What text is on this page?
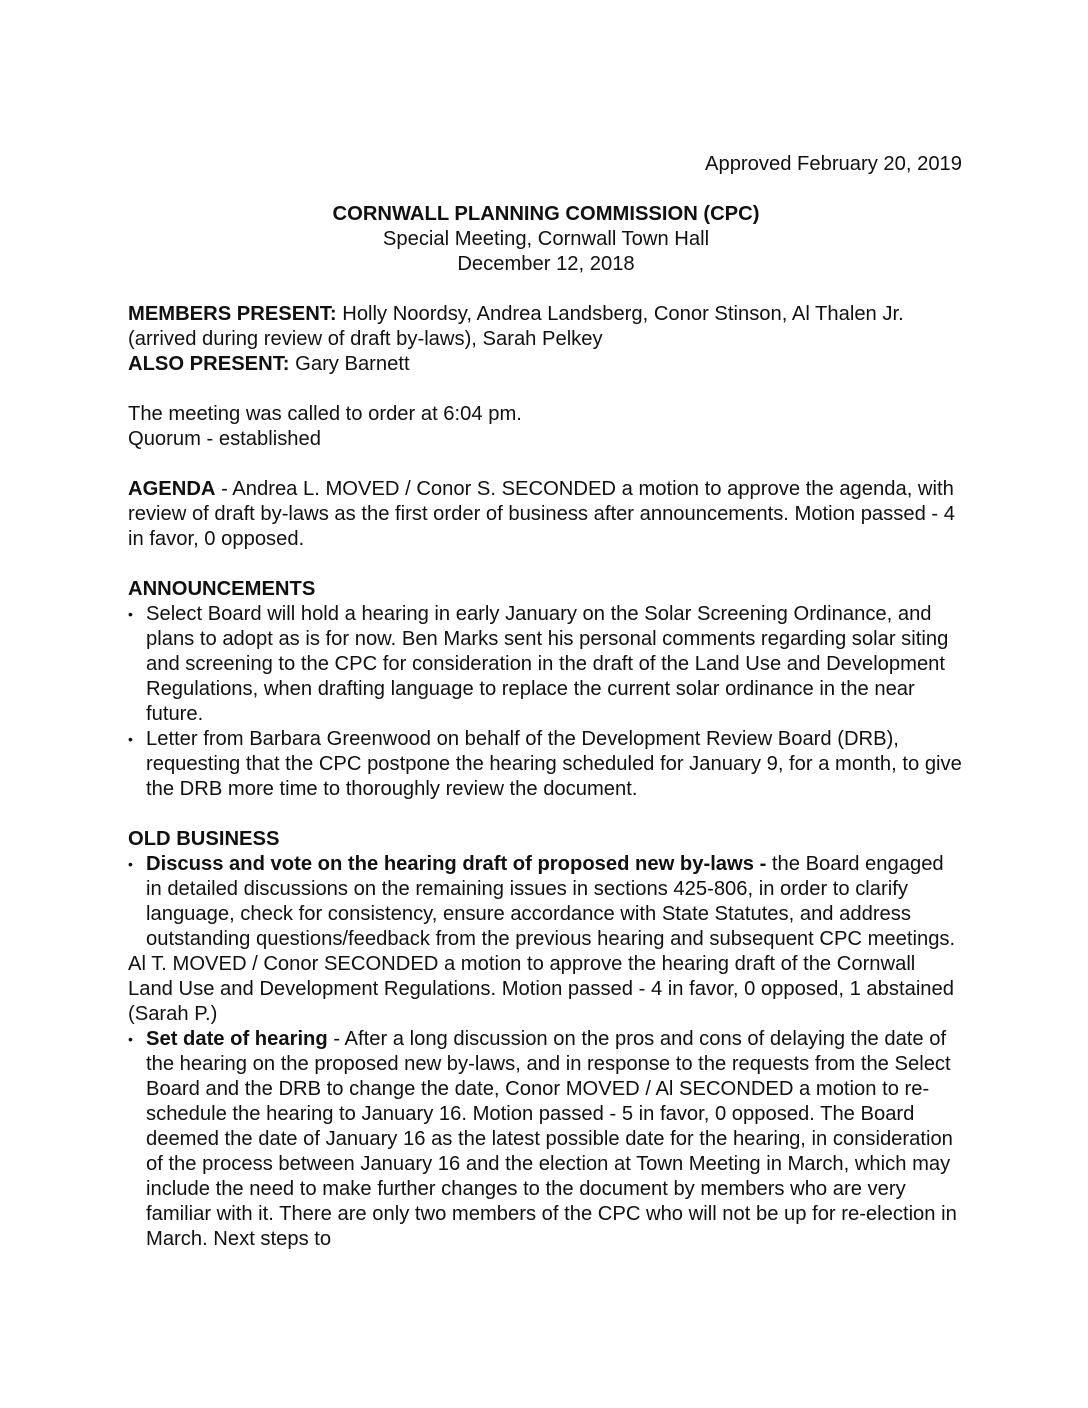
Approved February 20, 2019

CORNWALL PLANNING COMMISSION (CPC)
Special Meeting, Cornwall Town Hall
December 12, 2018

MEMBERS PRESENT: Holly Noordsy, Andrea Landsberg, Conor Stinson, Al Thalen Jr. (arrived during review of draft by-laws), Sarah Pelkey

ALSO PRESENT: Gary Barnett

The meeting was called to order at 6:04 pm.

Quorum - established

AGENDA - Andrea L. MOVED / Conor S. SECONDED a motion to approve the agenda, with review of draft by-laws as the first order of business after announcements. Motion passed - 4 in favor, 0 opposed.

ANNOUNCEMENTS

• Select Board will hold a hearing in early January on the Solar Screening Ordinance, and plans to adopt as is for now. Ben Marks sent his personal comments regarding solar siting and screening to the CPC for consideration in the draft of the Land Use and Development Regulations, when drafting language to replace the current solar ordinance in the near future.
• Letter from Barbara Greenwood on behalf of the Development Review Board (DRB), requesting that the CPC postpone the hearing scheduled for January 9, for a month, to give the DRB more time to thoroughly review the document.

OLD BUSINESS

• Discuss and vote on the hearing draft of proposed new by-laws - the Board engaged in detailed discussions on the remaining issues in sections 425-806, in order to clarify language, check for consistency, ensure accordance with State Statutes, and address outstanding questions/feedback from the previous hearing and subsequent CPC meetings.

Al T. MOVED / Conor SECONDED a motion to approve the hearing draft of the Cornwall Land Use and Development Regulations. Motion passed - 4 in favor, 0 opposed, 1 abstained (Sarah P.)

• Set date of hearing - After a long discussion on the pros and cons of delaying the date of the hearing on the proposed new by-laws, and in response to the requests from the Select Board and the DRB to change the date, Conor MOVED / Al SECONDED a motion to re-schedule the hearing to January 16. Motion passed - 5 in favor, 0 opposed. The Board deemed the date of January 16 as the latest possible date for the hearing, in consideration of the process between January 16 and the election at Town Meeting in March, which may include the need to make further changes to the document by members who are very familiar with it. There are only two members of the CPC who will not be up for re-election in March. Next steps to
